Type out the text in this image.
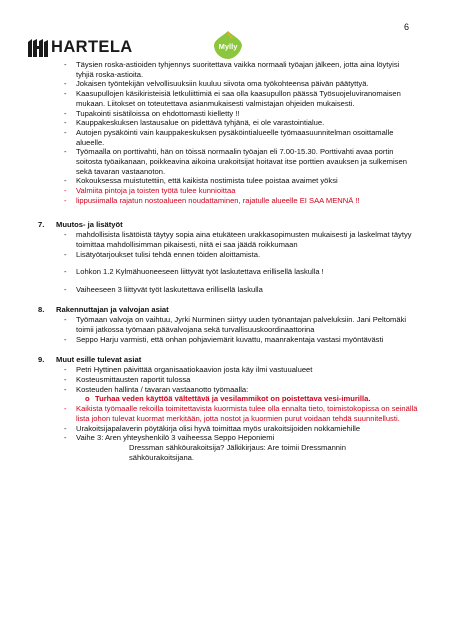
6
HARTELA	Mylly
- Täysien roska-astioiden tyhjennys suoritettava vaikka normaali työajan jälkeen, jotta aina löytyisi tyhjiä roska-astioita.
- Jokaisen työntekijän velvollisuuksiin kuuluu siivota oma työkohteensa päivän päätyttyä.
- Kaasupullojen käsikiristeisiä letkuliittimiä ei saa olla kaasupullon päässä Työsuojeluviranomaisen mukaan. Liitokset on toteutettava asianmukaisesti valmistajan ohjeiden mukaisesti.
- Tupakointi sisätiloissa on ehdottomasti kielletty !!
- Kauppakeskuksen lastausalue on pidettävä tyhjänä, ei ole varastointialue.
- Autojen pysäköinti vain kauppakeskuksen pysäköintialueelle työmaasuunnitelman osoittamalle alueelle.
- Työmaalla on porttivahti, hän on töissä normaalin työajan eli 7.00-15.30. Porttivahti avaa portin soitosta työaikanaan, poikkeavina aikoina urakoitsijat hoitavat itse porttien avauksen ja sulkemisen sekä tavaran vastaanoton.
- Kokouksessa muistutettiin, että kaikista nostimista tulee poistaa avaimet yöksi
- Valmiita pintoja ja toisten työtä tulee kunnioittaa
- lippusiimalla rajatun nostoalueen noudattaminen, rajatulle alueelle EI SAA MENNÄ !!
7. Muutos- ja lisätyöt
- mahdollisista lisätöistä täytyy sopia aina etukäteen urakkasopimusten mukaisesti ja laskelmat täytyy toimittaa mahdollisimman pikaisesti, niitä ei saa jäädä roikkumaan
- Lisätyötarjoukset tulisi tehdä ennen töiden aloittamista.
- Lohkon 1.2 Kylmähuoneeseen liittyvät työt laskutettava erillisellä laskulla !
- Vaiheeseen 3 liittyvät työt laskutettava erillisellä laskulla
8. Rakennuttajan ja valvojan asiat
- Työmaan valvoja on vaihtuu, Jyrki Nurminen siirtyy uuden työnantajan palveluksiin. Jani Peltomäki toimii jatkossa työmaan päävalvojana sekä turvallisuuskoordinaattorina
- Seppo Harju varmisti, että onhan pohjaviemärit kuvattu, maanrakentaja vastasi myöntävästi
9. Muut esille tulevat asiat
- Petri Hyttinen päivittää organisaatiokaavion josta käy ilmi vastuualueet
- Kosteusmittausten raportit tulossa
- Kosteuden hallinta / tavaran vastaanotto työmaalla:
o Turhaa veden käyttöä vältettävä ja vesilammikot on poistettava vesi-imurilla.
- Kaikista työmaalle rekoilla toimitettavista kuormista tulee olla ennalta tieto, toimistokopissa on seinällä lista johon tulevat kuormat merkitään, jotta nostot ja kuormien purut voidaan tehdä suunnitellusti.
- Urakoitsijapalaverin pöytäkirja olisi hyvä toimittaa myös urakoitsijoiden nokkamiehille
- Vaihe 3: Aren yhteyshenkilö 3 vaiheessa Seppo Heponiemi
Dressman sähköurakoitsija? Jälkikirjaus: Are toimii Dressmannin
sähköurakoitsijana.
